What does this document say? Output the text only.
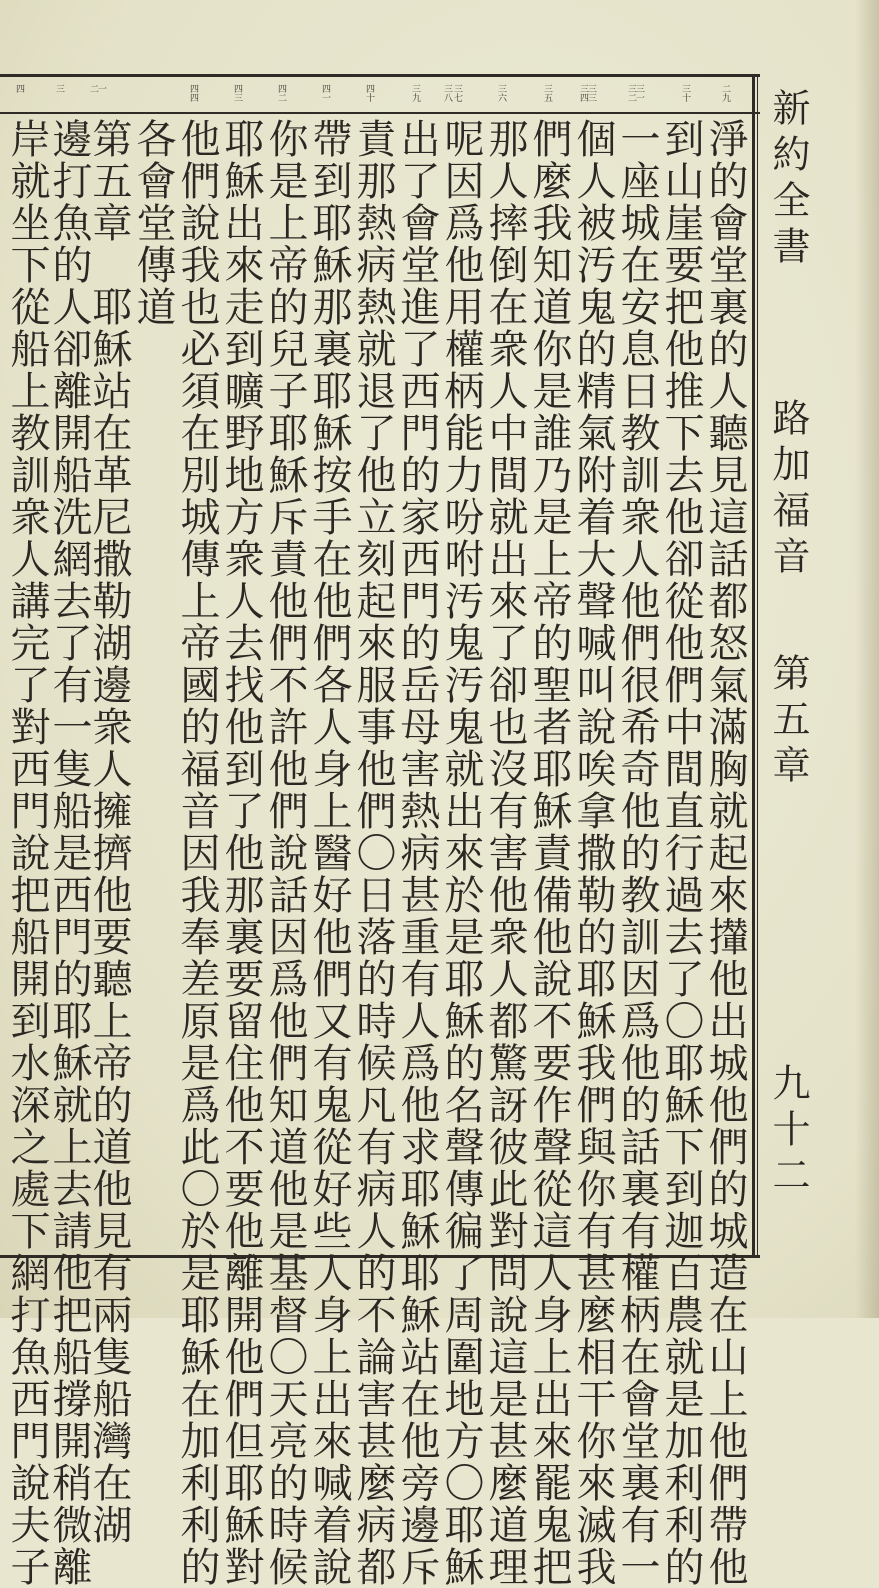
新約全書
路加福音
第五章
九十二
二九
三十
三一
三二
三三
三四
三五
三六
三七
三八
三九
四十
四一
四二
四三
四四
一
二
三
四
淨的會堂裏的人聽見這話都怒氣滿胸就起來攆他出城他們的城造在山上他們帶他
到山崖要把他推下去他卻從他們中間直行過去了〇耶穌下到迦百農就是加利利的
一座城在安息日教訓衆人他們很希奇他的教訓因爲他的話裏有權柄在會堂裏有一
個人被汚鬼的精氣附着大聲喊叫說唉拿撒勒的耶穌我們與你有甚麼相干你來滅我
們麼我知道你是誰乃是上帝的聖者耶穌責備他說不要作聲從這人身上出來罷鬼把
那人摔倒在衆人中間就出來了卻也沒有害他衆人都驚訝彼此對問說這是甚麼道理
呢因爲他用權柄能力吩咐汚鬼汚鬼就出來於是耶穌的名聲傳徧了周圍地方〇耶穌
出了會堂進了西門的家西門的岳母害熱病甚重有人爲他求耶穌耶穌站在他旁邊斥
責那熱病熱就退了他立刻起來服事他們〇日落的時候凡有病人的不論害甚麼病都
帶到耶穌那裏耶穌按手在他們各人身上醫好他們又有鬼從好些人身上出來喊着說
你是上帝的兒子耶穌斥責他們不許他們說話因爲他們知道他是基督〇天亮的時候
耶穌出來走到曠野地方衆人去找他到了他那裏要留住他不要他離開他們但耶穌對
他們說我也必須在別城傳上帝國的福音因我奉差原是爲此〇於是耶穌在加利利的
各會堂傳道
第五章　耶穌站在革尼撒勒湖邊衆人擁擠他要聽上帝的道他見有兩隻船灣在湖
邊打魚的人卻離開船洗網去了有一隻船是西門的耶穌就上去請他把船撐開稍微離
岸就坐下從船上教訓衆人講完了對西門說把船開到水深之處下網打魚西門說夫子
